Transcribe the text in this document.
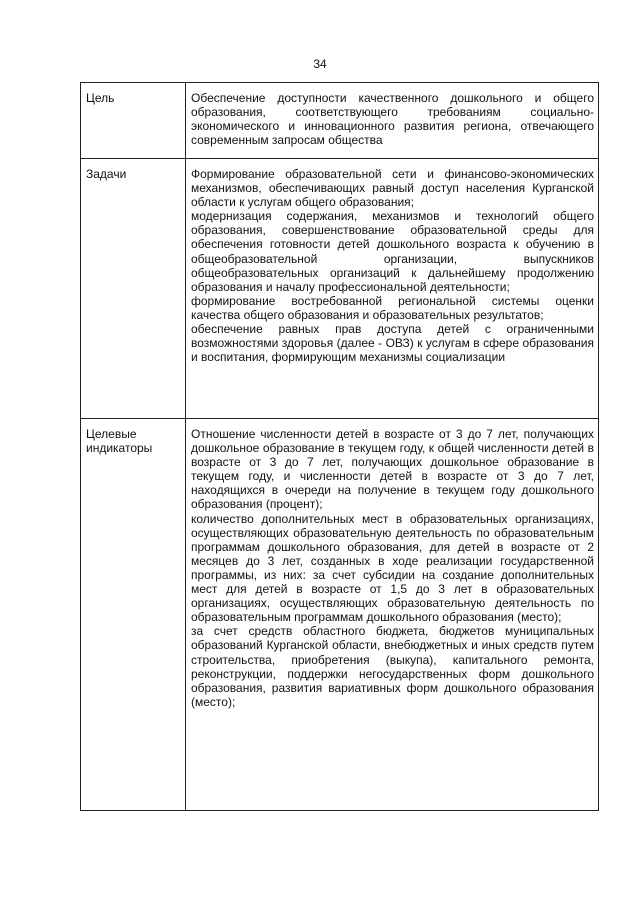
34
Цель	Обеспечение доступности качественного дошкольного и общего образования, соответствующего требованиям социально-экономического и инновационного развития региона, отвечающего современным запросам общества

Задачи	Формирование образовательной сети и финансово-экономических механизмов, обеспечивающих равный доступ населения Курганской области к услугам общего образования;

модернизация содержания, механизмов и технологий общего образования, совершенствование образовательной среды для обеспечения готовности детей дошкольного возраста к обучению в общеобразовательной организации, выпускников общеобразовательных организаций к дальнейшему продолжению образования и началу профессиональной деятельности;

формирование востребованной региональной системы оценки качества общего образования и образовательных результатов;

обеспечение равных прав доступа детей с ограниченными возможностями здоровья (далее - ОВЗ) к услугам в сфере образования и воспитания, формирующим механизмы социализации

Целевые индикаторы	Отношение численности детей в возрасте от 3 до 7 лет, получающих дошкольное образование в текущем году, к общей численности детей в возрасте от 3 до 7 лет, получающих дошкольное образование в текущем году, и численности детей в возрасте от 3 до 7 лет, находящихся в очереди на получение в текущем году дошкольного образования (процент);

количество дополнительных мест в образовательных организациях, осуществляющих образовательную деятельность по образовательным программам дошкольного образования, для детей в возрасте от 2 месяцев до 3 лет, созданных в ходе реализации государственной программы, из них: за счет субсидии на создание дополнительных мест для детей в возрасте от 1,5 до 3 лет в образовательных организациях, осуществляющих образовательную деятельность по образовательным программам дошкольного образования (место);

за счет средств областного бюджета, бюджетов муниципальных образований Курганской области, внебюджетных и иных средств путем строительства, приобретения (выкупа), капитального ремонта, реконструкции, поддержки негосударственных форм дошкольного образования, развития вариативных форм дошкольного образования (место);
